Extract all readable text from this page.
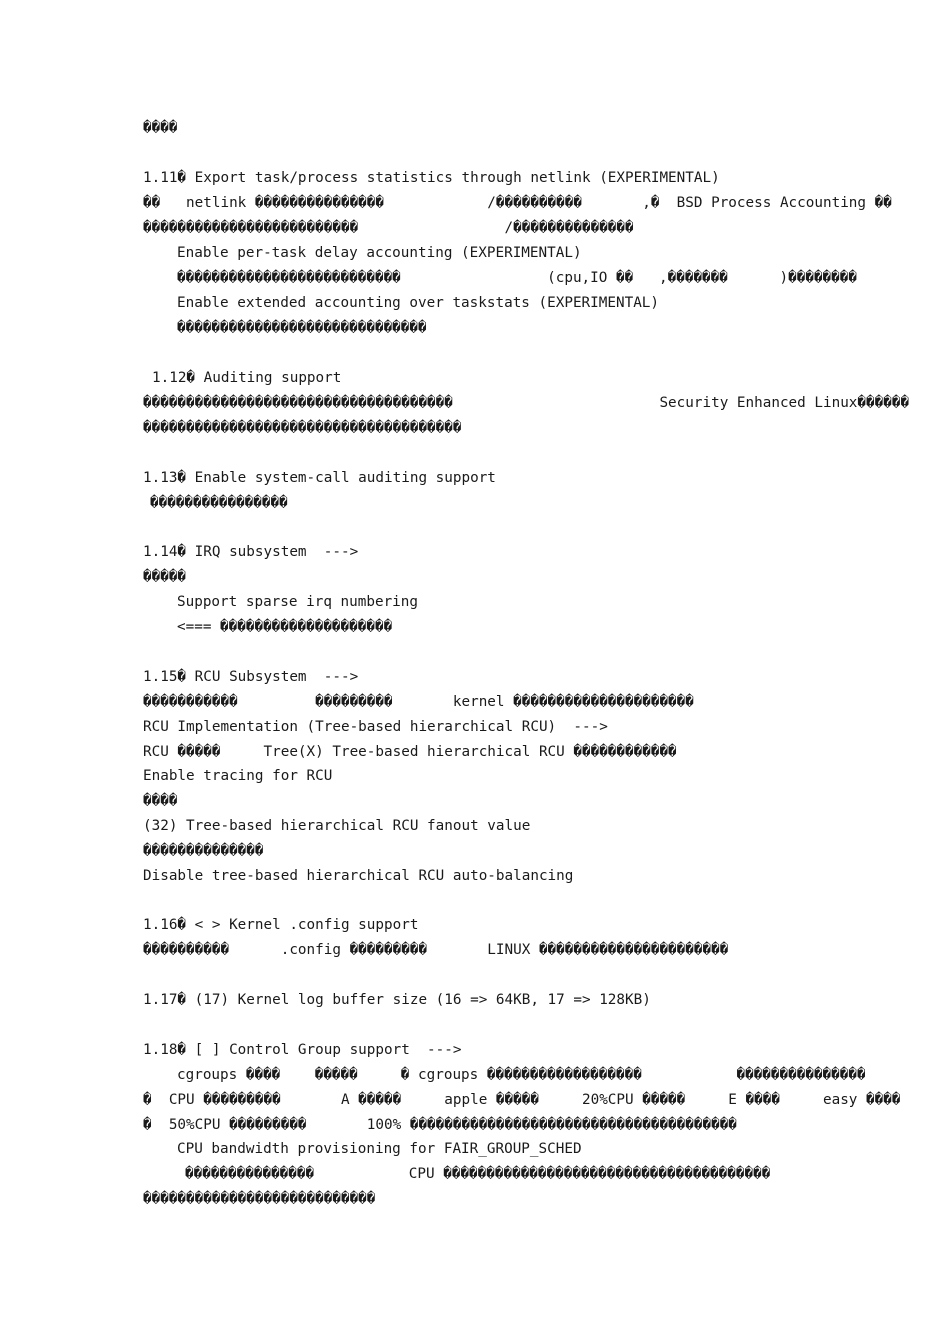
����
1.11� Export task/process statistics through netlink (EXPERIMENTAL)
��   netlink ���������������            /����������       ,�  BSD Process Accounting ��
�������������������������                 /��������������
Enable per-task delay accounting (EXPERIMENTAL)
��������������������������                 (cpu,IO ��   ,�������      )��������
Enable extended accounting over taskstats (EXPERIMENTAL)
�����������������������������
1.12� Auditing support
������������������������������������                        Security Enhanced Linux������
�������������������������������������
1.13� Enable system-call auditing support
����������������
1.14� IRQ subsystem  --->
�����
Support sparse irq numbering
<=== ��������������������
1.15� RCU Subsystem  --->
�����������         ���������       kernel ���������������������
RCU Implementation (Tree-based hierarchical RCU)  --->
RCU �����     Tree(X) Tree-based hierarchical RCU ������������
Enable tracing for RCU
����
(32) Tree-based hierarchical RCU fanout value
��������������
Disable tree-based hierarchical RCU auto-balancing
1.16� < > Kernel .config support
����������      .config ���������       LINUX ����������������������
1.17� (17) Kernel log buffer size (16 => 64KB, 17 => 128KB)
1.18� [ ] Control Group support  --->
cgroups ����    �����     � cgroups ������������������           ���������������
�  CPU ���������       A �����     apple �����     20%CPU �����     E ����     easy ����
�  50%CPU ���������       100% ��������������������������������������
CPU bandwidth provisioning for FAIR_GROUP_SCHED
���������������           CPU ��������������������������������������
���������������������������
